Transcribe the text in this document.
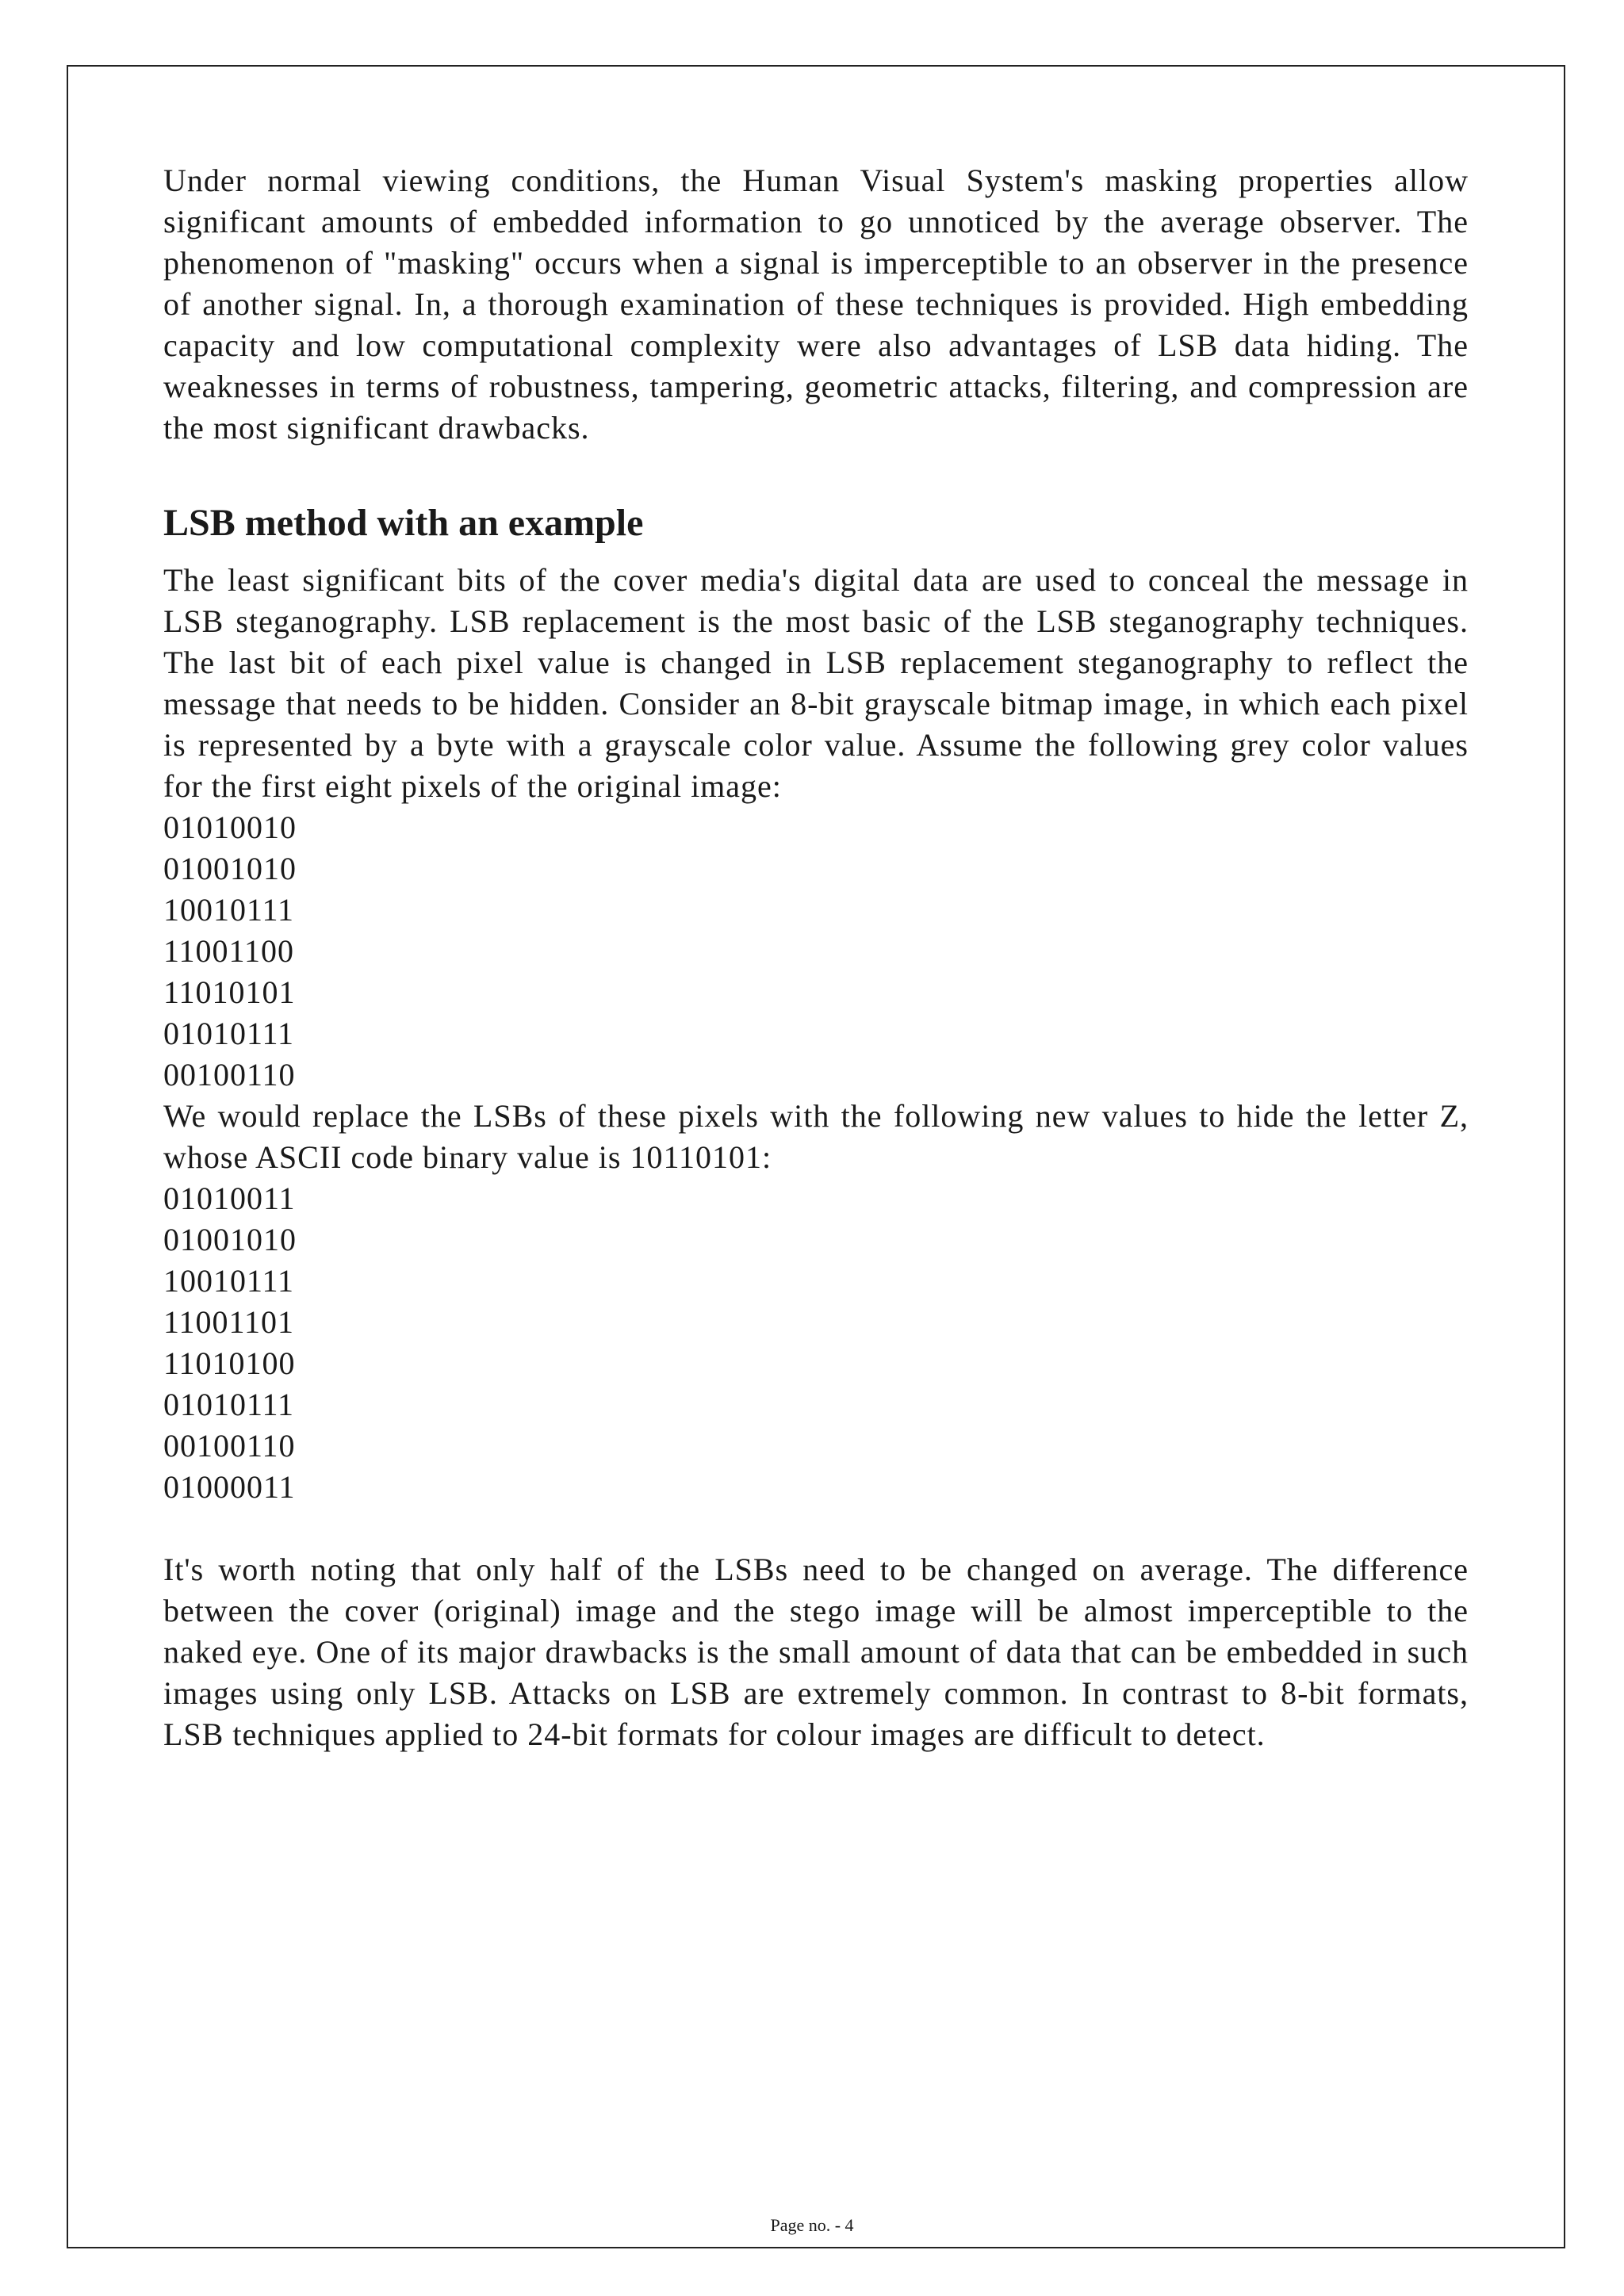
Under normal viewing conditions, the Human Visual System's masking properties allow significant amounts of embedded information to go unnoticed by the average observer. The phenomenon of "masking" occurs when a signal is imperceptible to an observer in the presence of another signal. In, a thorough examination of these techniques is provided. High embedding capacity and low computational complexity were also advantages of LSB data hiding. The weaknesses in terms of robustness, tampering, geometric attacks, filtering, and compression are the most significant drawbacks.

LSB method with an example

The least significant bits of the cover media's digital data are used to conceal the message in LSB steganography. LSB replacement is the most basic of the LSB steganography techniques. The last bit of each pixel value is changed in LSB replacement steganography to reflect the message that needs to be hidden. Consider an 8-bit grayscale bitmap image, in which each pixel is represented by a byte with a grayscale color value. Assume the following grey color values for the first eight pixels of the original image:

01010010
01001010
10010111
11001100
11010101
01010111
00100110

We would replace the LSBs of these pixels with the following new values to hide the letter Z, whose ASCII code binary value is 10110101:

01010011
01001010
10010111
11001101
11010100
01010111
00100110
01000011

It's worth noting that only half of the LSBs need to be changed on average. The difference between the cover (original) image and the stego image will be almost imperceptible to the naked eye. One of its major drawbacks is the small amount of data that can be embedded in such images using only LSB. Attacks on LSB are extremely common. In contrast to 8-bit formats, LSB techniques applied to 24-bit formats for colour images are difficult to detect.

Page no. - 4
